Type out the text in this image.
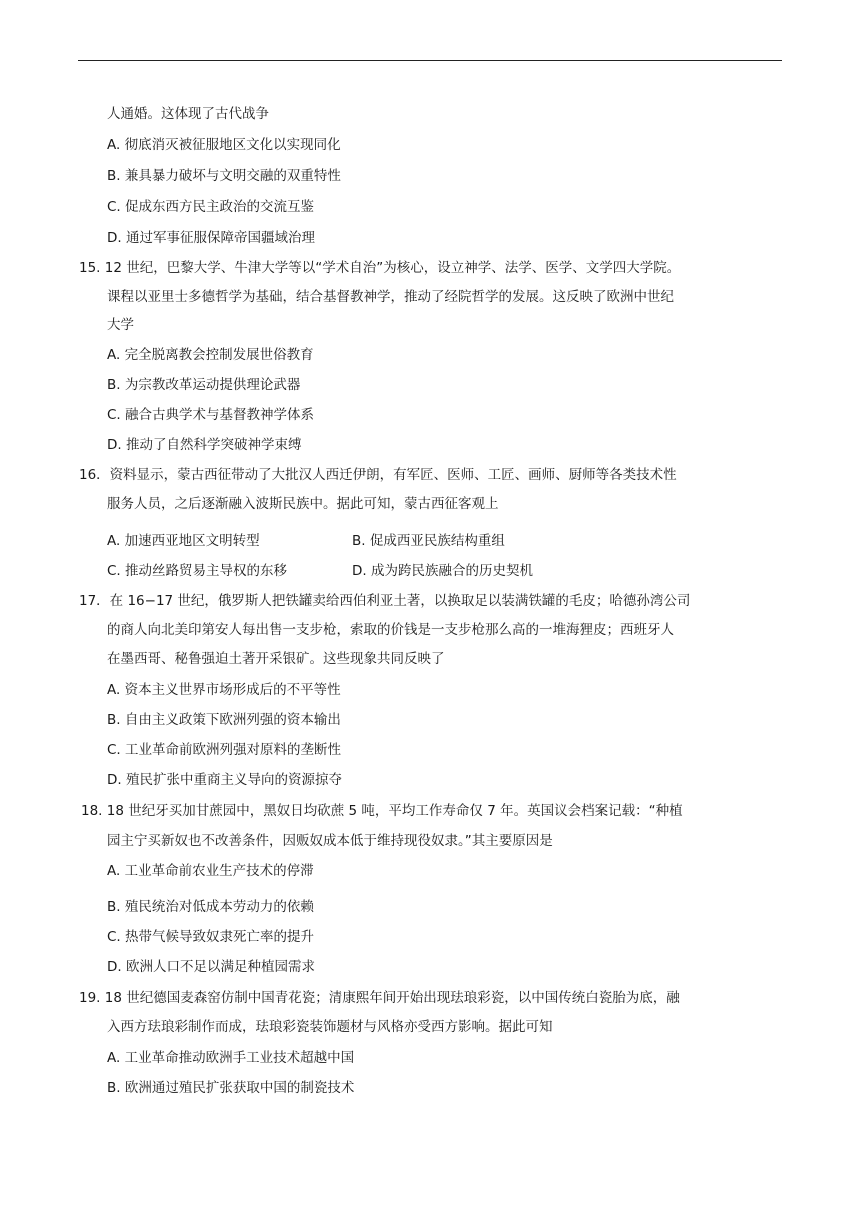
人通婚。这体现了古代战争
A. 彻底消灭被征服地区文化以实现同化
B. 兼具暴力破坏与文明交融的双重特性
C. 促成东西方民主政治的交流互鉴
D. 通过军事征服保障帝国疆域治理
15. 12 世纪，巴黎大学、牛津大学等以“学术自治”为核心，设立神学、法学、医学、文学四大学院。
课程以亚里士多德哲学为基础，结合基督教神学，推动了经院哲学的发展。这反映了欧洲中世纪
大学
A. 完全脱离教会控制发展世俗教育
B. 为宗教改革运动提供理论武器
C. 融合古典学术与基督教神学体系
D. 推动了自然科学突破神学束缚
16．资料显示，蒙古西征带动了大批汉人西迁伊朗，有军匠、医师、工匠、画师、厨师等各类技术性
服务人员，之后逐渐融入波斯民族中。据此可知，蒙古西征客观上
A. 加速西亚地区文明转型	B. 促成西亚民族结构重组
C. 推动丝路贸易主导权的东移	D. 成为跨民族融合的历史契机
17．在 16−17 世纪，俄罗斯人把铁罐卖给西伯利亚土著，以换取足以装满铁罐的毛皮；哈德孙湾公司
的商人向北美印第安人每出售一支步枪，索取的价钱是一支步枪那么高的一堆海狸皮；西班牙人
在墨西哥、秘鲁强迫土著开采银矿。这些现象共同反映了
A. 资本主义世界市场形成后的不平等性
B. 自由主义政策下欧洲列强的资本输出
C. 工业革命前欧洲列强对原料的垄断性
D. 殖民扩张中重商主义导向的资源掠夺
18. 18 世纪牙买加甘蔗园中，黑奴日均砍蔗 5 吨，平均工作寿命仅 7 年。英国议会档案记载：“种植
园主宁买新奴也不改善条件，因贩奴成本低于维持现役奴隶。”其主要原因是
A. 工业革命前农业生产技术的停滞
B. 殖民统治对低成本劳动力的依赖
C. 热带气候导致奴隶死亡率的提升
D. 欧洲人口不足以满足种植园需求
19. 18 世纪德国麦森窑仿制中国青花瓷；清康熙年间开始出现珐琅彩瓷，以中国传统白瓷胎为底，融
入西方珐琅彩制作而成，珐琅彩瓷装饰题材与风格亦受西方影响。据此可知
A. 工业革命推动欧洲手工业技术超越中国
B. 欧洲通过殖民扩张获取中国的制瓷技术
